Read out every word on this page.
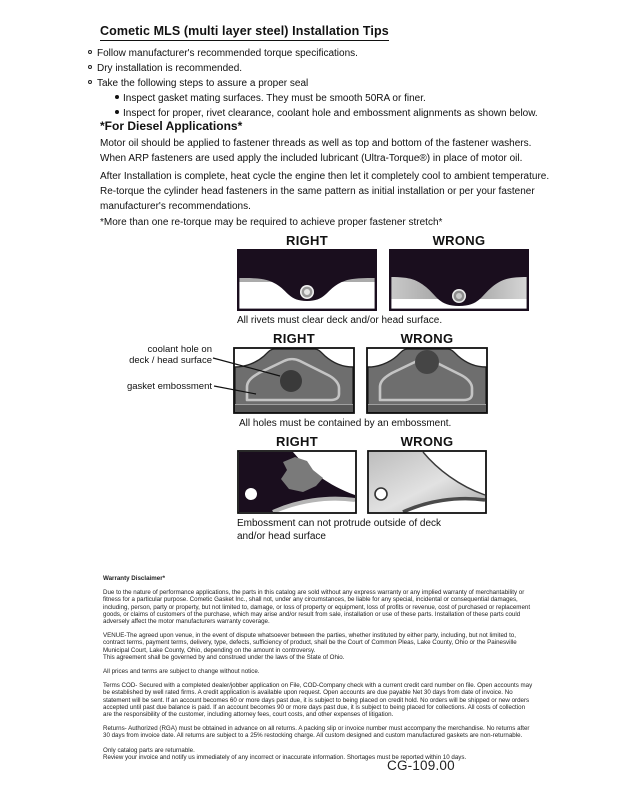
Cometic MLS (multi layer steel) Installation Tips
Follow manufacturer's recommended torque specifications.
Dry installation is recommended.
Take the following steps to assure a proper seal
Inspect gasket mating surfaces. They must be smooth 50RA or finer.
Inspect for proper, rivet clearance, coolant hole and embossment alignments as shown below.
*For Diesel Applications*
Motor oil should be applied to fastener threads as well as top and bottom of the fastener washers. When ARP fasteners are used apply the included lubricant (Ultra-Torque®) in place of motor oil.
After Installation is complete, heat cycle the engine then let it completely cool to ambient temperature. Re-torque the cylinder head fasteners in the same pattern as initial installation or per your fastener manufacturer's recommendations.
*More than one re-torque may be required to achieve proper fastener stretch*
RIGHT	WRONG
All rivets must clear deck and/or head surface.
RIGHT	WRONG
All holes must be contained by an embossment.
coolant hole on
deck / head surface
gasket embossment
RIGHT	WRONG
Embossment can not protrude outside of deck and/or head surface
Warranty Disclaimer*

Due to the nature of performance applications, the parts in this catalog are sold without any express warranty or any implied warranty of merchantability or fitness for a particular purpose. Cometic Gasket Inc., shall not, under any circumstances, be liable for any special, incidental or consequential damages, including, person, party or property, but not limited to, damage, or loss of property or equipment, loss of profits or revenue, cost of purchased or replacement goods, or claims of customers of the purchase, which may arise and/or result from sale, installation or use of these parts. Installation of these parts could adversely affect the motor manufacturers warranty coverage.

VENUE-The agreed upon venue, in the event of dispute whatsoever between the parties, whether instituted by either party, including, but not limited to, contract terms, payment terms, delivery, type, defects, sufficiency of product, shall be the Court of Common Pleas, Lake County, Ohio or the Painesville Municipal Court, Lake County, Ohio, depending on the amount in controversy.
This agreement shall be governed by and construed under the laws of the State of Ohio.

All prices and terms are subject to change without notice.

Terms COD- Secured with a completed dealer/jobber application on File, COD-Company check with a current credit card number on file. Open accounts may be established by well rated firms. A credit application is available upon request. Open accounts are due payable Net 30 days from date of invoice. No statement will be sent. If an account becomes 60 or more days past due, it is subject to being placed on credit hold. No orders will be shipped or new orders accepted until past due balance is paid. If an account becomes 90 or more days past due, it is subject to being placed for collections. All costs of collection are the responsibility of the customer, including attorney fees, court costs, and other expenses of litigation.

Returns- Authorized (RGA) must be obtained in advance on all returns. A packing slip or invoice number must accompany the merchandise. No returns after 30 days from invoice date. All returns are subject to a 25% restocking charge. All custom designed and custom manufactured gaskets are non-returnable.

Only catalog parts are returnable.
Review your invoice and notify us immediately of any incorrect or inaccurate information. Shortages must be reported within 10 days.

CG-109.00
